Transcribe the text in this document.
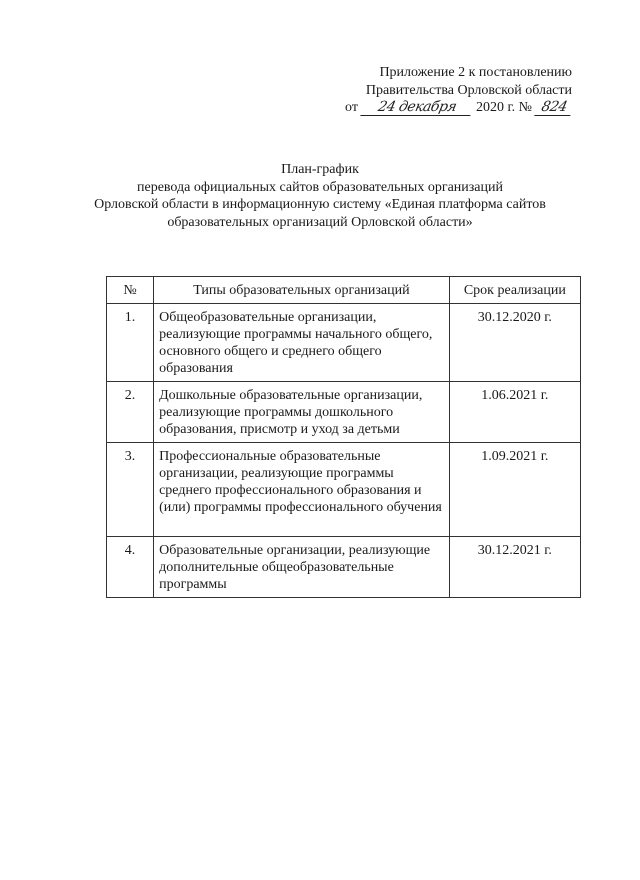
Приложение 2 к постановлению
Правительства Орловской области
от	24 декабря	2020 г. № 824
План-график
перевода официальных сайтов образовательных организаций
Орловской области в информационную систему «Единая платформа сайтов
образовательных организаций Орловской области»
№	Типы образовательных организаций	Срок реализации
1.	Общеобразовательные организации, реализующие программы начального общего, основного общего и среднего общего образования	30.12.2020 г.
2.	Дошкольные образовательные организации, реализующие программы дошкольного образования, присмотр и уход за детьми	1.06.2021 г.
3.	Профессиональные образовательные организации, реализующие программы среднего профессионального образования и (или) программы профессионального обучения	1.09.2021 г.
4.	Образовательные организации, реализующие дополнительные общеобразовательные программы	30.12.2021 г.
